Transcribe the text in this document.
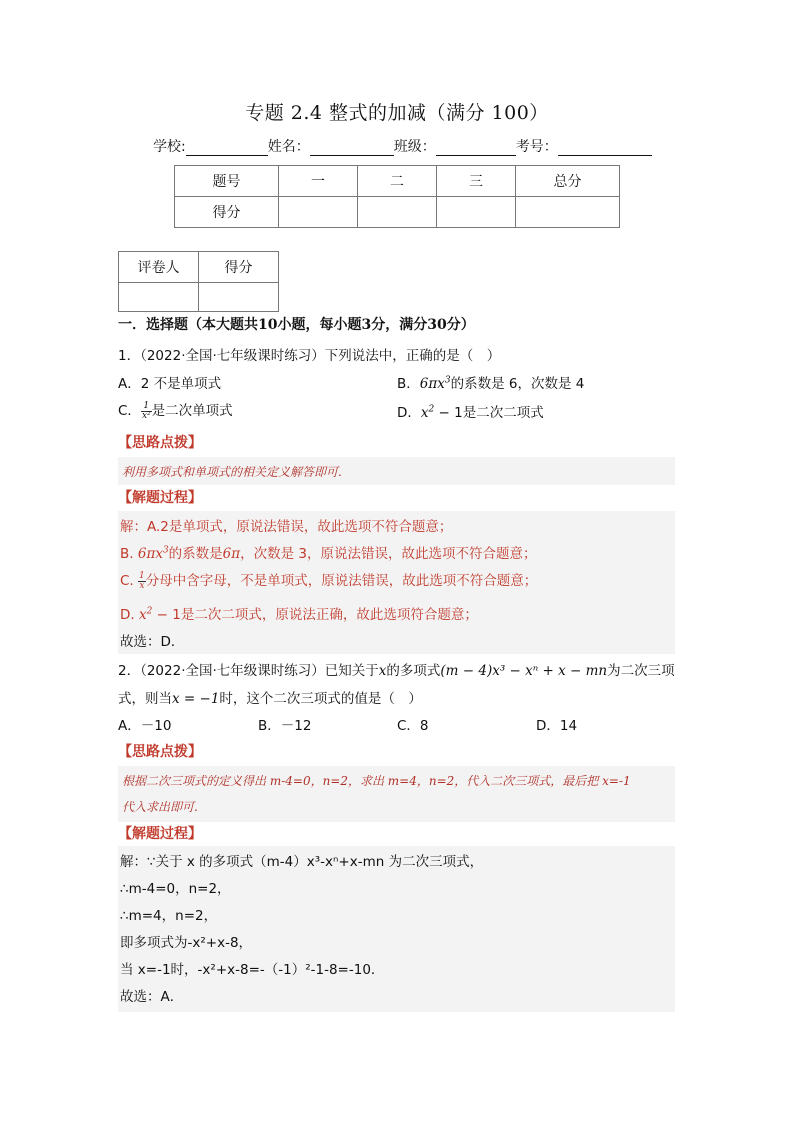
专题 2.4 整式的加减（满分 100）
学校:	姓名：	班级：	考号：
题号	一	二	三	总分
得分				
评卷人	得分

一．选择题（本大题共10小题，每小题3分，满分30分）
1．（2022·全国·七年级课时练习）下列说法中，正确的是（　）
A．2 不是单项式	B．$6\pi x^3$的系数是 6，次数是 4
C． $\frac{1}{\text{x²}}$ 是二次单项式	D．$x^2 - 1$是二次二项式
【思路点拨】
利用多项式和单项式的相关定义解答即可.
【解题过程】
解：A.2是单项式，原说法错误，故此选项不符合题意；
B. $6\pi x^3$的系数是6π，次数是 3，原说法错误，故此选项不符合题意；
C. $\frac{1}{x}$ 分母中含字母，不是单项式，原说法错误，故此选项不符合题意；
D. $x^2 - 1$是二次二项式，原说法正确，故此选项符合题意；
故选：D．
2．（2022·全国·七年级课时练习）已知关于x的多项式(m − 4)x³ − xⁿ + x − mn为二次三项
式，则当x = −1时，这个二次三项式的值是（　）
A．－10	B．－12	C．8	D．14
【思路点拨】
根据二次三项式的定义得出 m-4=0，n=2，求出 m=4，n=2，代入二次三项式，最后把 x=-1
代入求出即可.
【解题过程】
解：∵关于 x 的多项式（m-4）x³-xⁿ+x-mn 为二次三项式，
∴m-4=0，n=2，
∴m=4，n=2，
即多项式为-x²+x-8，
当 x=-1时，-x²+x-8=-（-1）²-1-8=-10．
故选：A．
